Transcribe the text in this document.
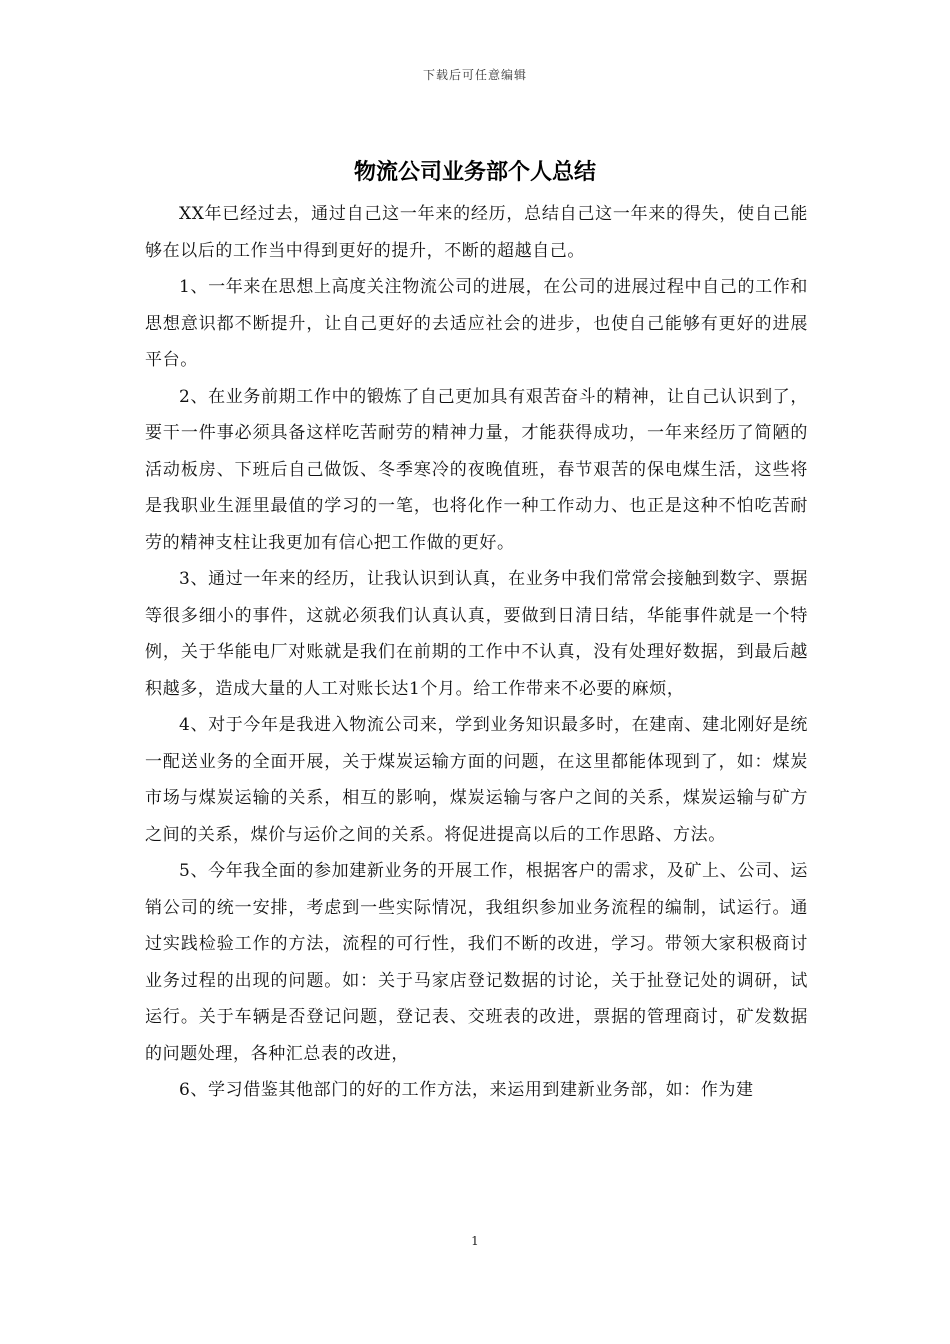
下载后可任意编辑
物流公司业务部个人总结

XX年已经过去，通过自己这一年来的经历，总结自己这一年来的得失，使自己能够在以后的工作当中得到更好的提升，不断的超越自己。

1、一年来在思想上高度关注物流公司的进展，在公司的进展过程中自己的工作和思想意识都不断提升，让自己更好的去适应社会的进步，也使自己能够有更好的进展平台。

2、在业务前期工作中的锻炼了自己更加具有艰苦奋斗的精神，让自己认识到了，要干一件事必须具备这样吃苦耐劳的精神力量，才能获得成功，一年来经历了简陋的活动板房、下班后自己做饭、冬季寒冷的夜晚值班，春节艰苦的保电煤生活，这些将是我职业生涯里最值的学习的一笔，也将化作一种工作动力、也正是这种不怕吃苦耐劳的精神支柱让我更加有信心把工作做的更好。

3、通过一年来的经历，让我认识到认真，在业务中我们常常会接触到数字、票据等很多细小的事件，这就必须我们认真认真，要做到日清日结，华能事件就是一个特例，关于华能电厂对账就是我们在前期的工作中不认真，没有处理好数据，到最后越积越多，造成大量的人工对账长达1个月。给工作带来不必要的麻烦，

4、对于今年是我进入物流公司来，学到业务知识最多时，在建南、建北刚好是统一配送业务的全面开展，关于煤炭运输方面的问题，在这里都能体现到了，如：煤炭市场与煤炭运输的关系，相互的影响，煤炭运输与客户之间的关系，煤炭运输与矿方之间的关系，煤价与运价之间的关系。将促进提高以后的工作思路、方法。

5、今年我全面的参加建新业务的开展工作，根据客户的需求，及矿上、公司、运销公司的统一安排，考虑到一些实际情况，我组织参加业务流程的编制，试运行。通过实践检验工作的方法，流程的可行性，我们不断的改进，学习。带领大家积极商讨业务过程的出现的问题。如：关于马家店登记数据的讨论，关于扯登记处的调研，试运行。关于车辆是否登记问题，登记表、交班表的改进，票据的管理商讨，矿发数据的问题处理，各种汇总表的改进，

6、学习借鉴其他部门的好的工作方法，来运用到建新业务部，如：作为建

1
